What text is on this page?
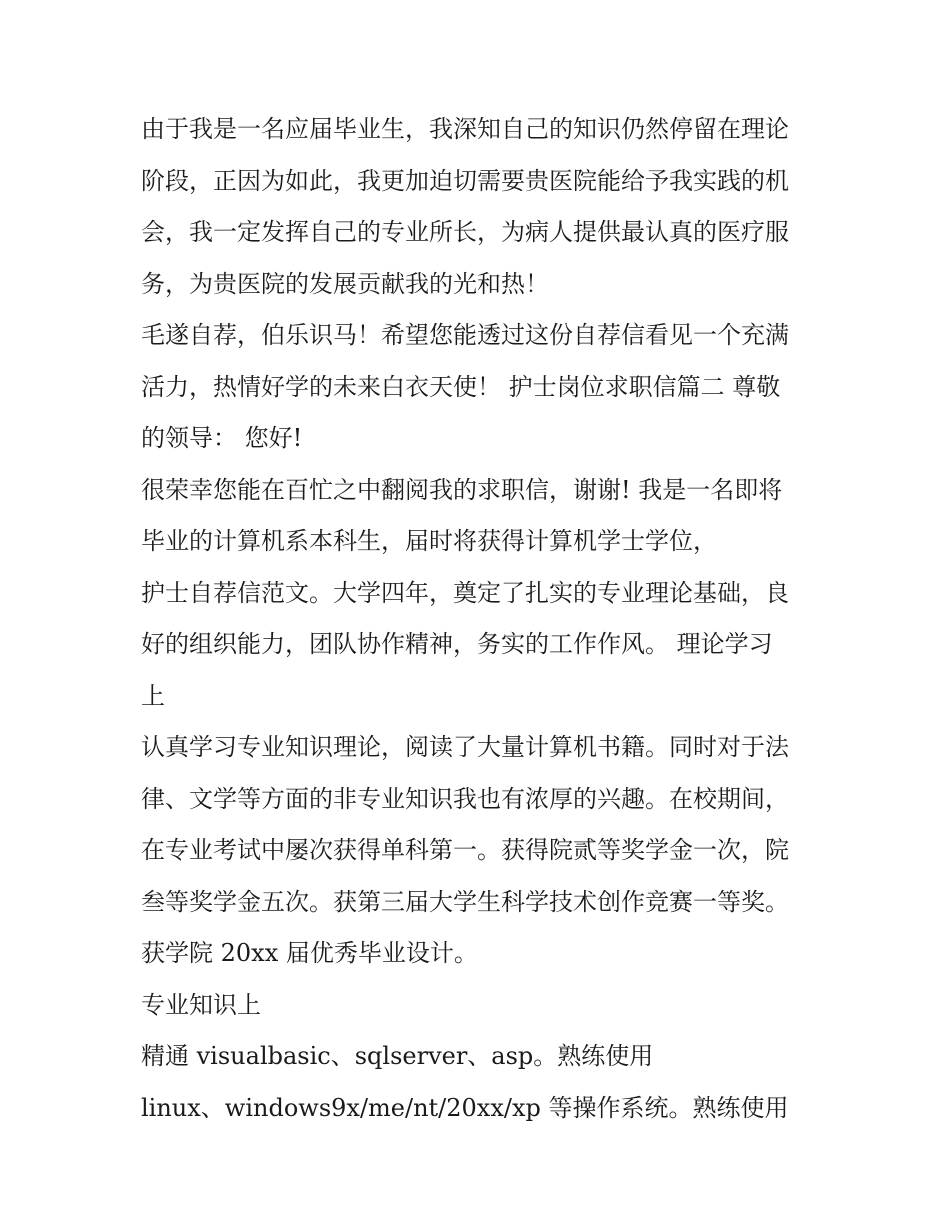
由于我是一名应届毕业生，我深知自己的知识仍然停留在理论
阶段，正因为如此，我更加迫切需要贵医院能给予我实践的机
会，我一定发挥自己的专业所长，为病人提供最认真的医疗服
务，为贵医院的发展贡献我的光和热！
毛遂自荐，伯乐识马！希望您能透过这份自荐信看见一个充满
活力，热情好学的未来白衣天使！ 护士岗位求职信篇二 尊敬
的领导： 您好!
很荣幸您能在百忙之中翻阅我的求职信，谢谢! 我是一名即将
毕业的计算机系本科生，届时将获得计算机学士学位，
护士自荐信范文。大学四年，奠定了扎实的专业理论基础，良
好的组织能力，团队协作精神，务实的工作作风。 理论学习
上
认真学习专业知识理论，阅读了大量计算机书籍。同时对于法
律、文学等方面的非专业知识我也有浓厚的兴趣。在校期间，
在专业考试中屡次获得单科第一。获得院贰等奖学金一次，院
叁等奖学金五次。获第三届大学生科学技术创作竞赛一等奖。
获学院 20xx 届优秀毕业设计。
专业知识上
精通 visualbasic、sqlserver、asp。熟练使用
linux、windows9x/me/nt/20xx/xp 等操作系统。熟练使用
